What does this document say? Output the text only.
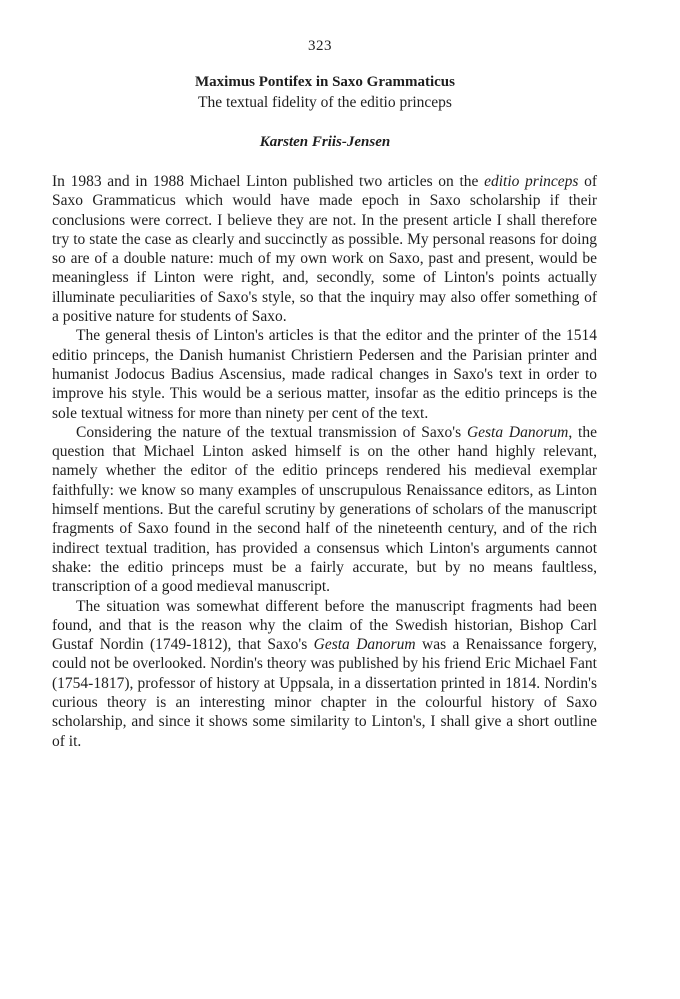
323
Maximus Pontifex in Saxo Grammaticus
The textual fidelity of the editio princeps
Karsten Friis-Jensen

In 1983 and in 1988 Michael Linton published two articles on the editio princeps of Saxo Grammaticus which would have made epoch in Saxo scholarship if their conclusions were correct. I believe they are not. In the present article I shall therefore try to state the case as clearly and succinctly as possible. My personal reasons for doing so are of a double nature: much of my own work on Saxo, past and present, would be meaningless if Linton were right, and, secondly, some of Linton's points actually illuminate peculiarities of Saxo's style, so that the inquiry may also offer something of a positive nature for students of Saxo.

The general thesis of Linton's articles is that the editor and the printer of the 1514 editio princeps, the Danish humanist Christiern Pedersen and the Parisian printer and humanist Jodocus Badius Ascensius, made radical changes in Saxo's text in order to improve his style. This would be a serious matter, insofar as the editio princeps is the sole textual witness for more than ninety per cent of the text.

Considering the nature of the textual transmission of Saxo's Gesta Danorum, the question that Michael Linton asked himself is on the other hand highly relevant, namely whether the editor of the editio princeps rendered his medieval exemplar faithfully: we know so many examples of unscrupulous Renaissance editors, as Linton himself mentions. But the careful scrutiny by generations of scholars of the manuscript fragments of Saxo found in the second half of the nineteenth century, and of the rich indirect textual tradition, has provided a consensus which Linton's arguments cannot shake: the editio princeps must be a fairly accurate, but by no means faultless, transcription of a good medieval manuscript.

The situation was somewhat different before the manuscript fragments had been found, and that is the reason why the claim of the Swedish historian, Bishop Carl Gustaf Nordin (1749-1812), that Saxo's Gesta Danorum was a Renaissance forgery, could not be overlooked. Nordin's theory was published by his friend Eric Michael Fant (1754-1817), professor of history at Uppsala, in a dissertation printed in 1814. Nordin's curious theory is an interesting minor chapter in the colourful history of Saxo scholarship, and since it shows some similarity to Linton's, I shall give a short outline of it.
